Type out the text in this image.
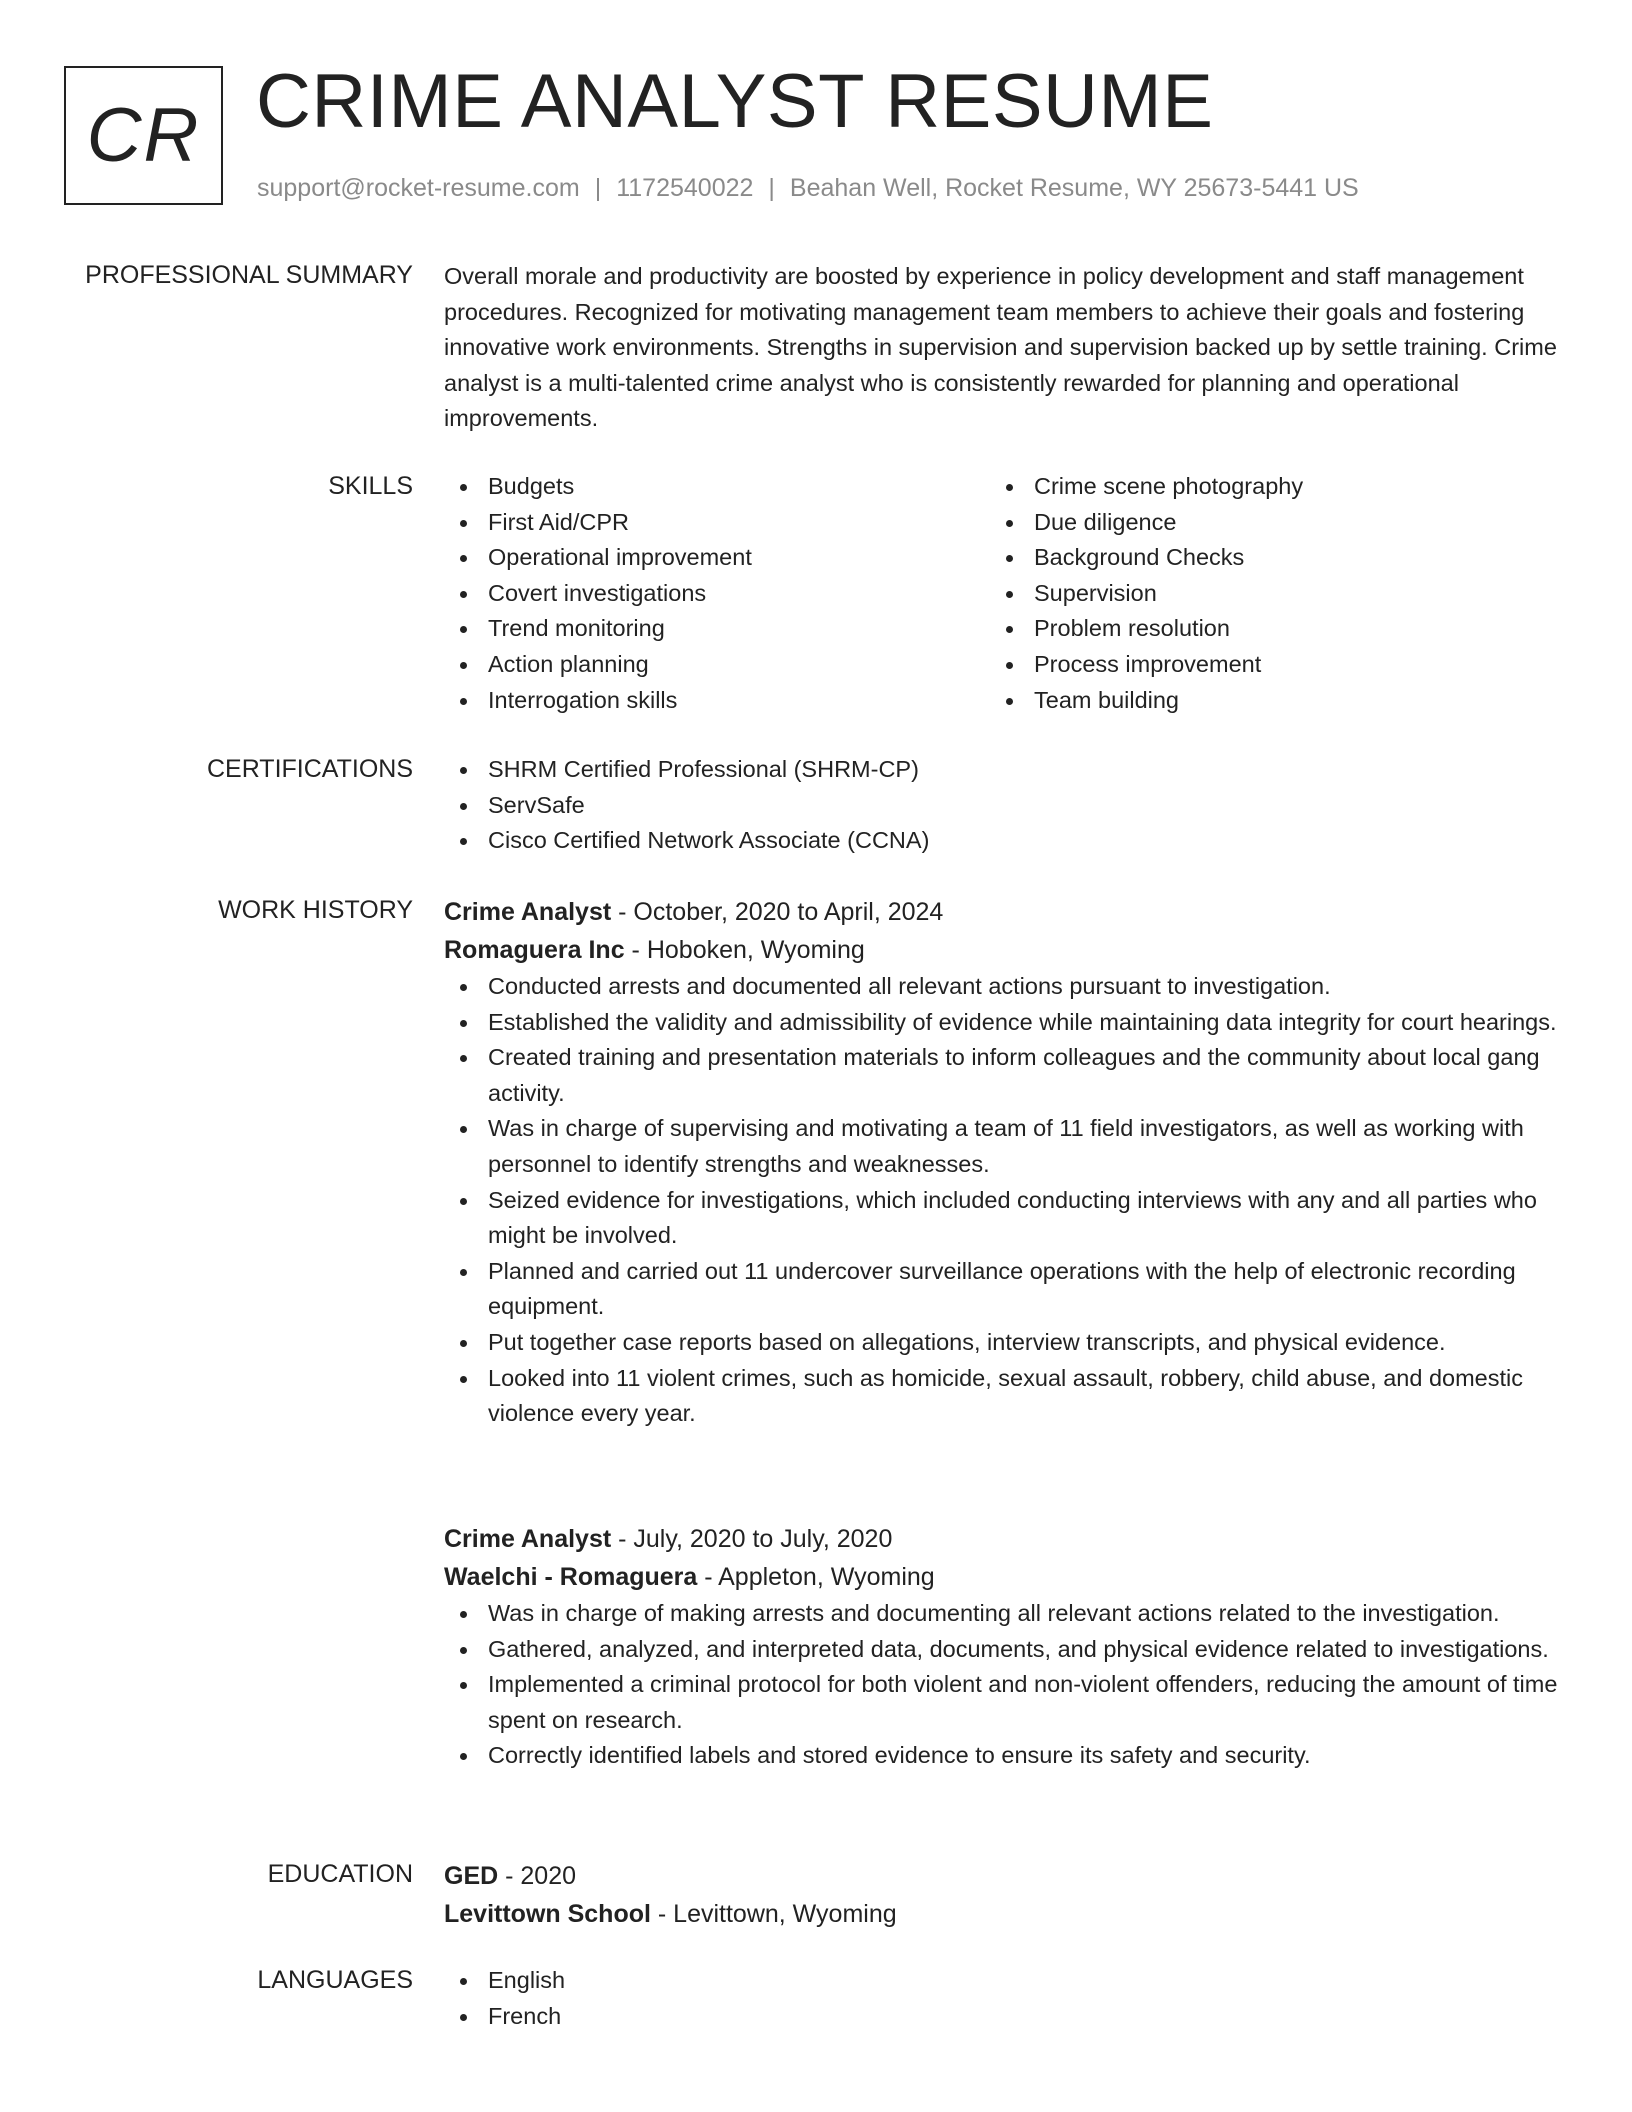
CR CRIME ANALYST RESUME
support@rocket-resume.com | 1172540022 | Beahan Well, Rocket Resume, WY 25673-5441 US
PROFESSIONAL SUMMARY Overall morale and productivity are boosted by experience in policy development and staff management procedures. Recognized for motivating management team members to achieve their goals and fostering innovative work environments. Strengths in supervision and supervision backed up by settle training. Crime analyst is a multi-talented crime analyst who is consistently rewarded for planning and operational improvements.

SKILLS	Budgets
First Aid/CPR
Operational improvement
Covert investigations
Trend monitoring
Action planning
Interrogation skills
Crime scene photography
Due diligence
Background Checks
Supervision
Problem resolution
Process improvement
Team building
CERTIFICATIONS	SHRM Certified Professional (SHRM-CP)
ServSafe
Cisco Certified Network Associate (CCNA)
WORK HISTORY Crime Analyst - October, 2020 to April, 2024
Romaguera Inc - Hoboken, Wyoming
Conducted arrests and documented all relevant actions pursuant to investigation.
Established the validity and admissibility of evidence while maintaining data integrity for court hearings.
Created training and presentation materials to inform colleagues and the community about local gang activity.
Was in charge of supervising and motivating a team of 11 field investigators, as well as working with personnel to identify strengths and weaknesses.
Seized evidence for investigations, which included conducting interviews with any and all parties who might be involved.
Planned and carried out 11 undercover surveillance operations with the help of electronic recording equipment.
Put together case reports based on allegations, interview transcripts, and physical evidence.
Looked into 11 violent crimes, such as homicide, sexual assault, robbery, child abuse, and domestic violence every year.
Crime Analyst - July, 2020 to July, 2020
Waelchi - Romaguera - Appleton, Wyoming
Was in charge of making arrests and documenting all relevant actions related to the investigation.
Gathered, analyzed, and interpreted data, documents, and physical evidence related to investigations.
Implemented a criminal protocol for both violent and non-violent offenders, reducing the amount of time spent on research.
Correctly identified labels and stored evidence to ensure its safety and security.
EDUCATION GED - 2020
Levittown School - Levittown, Wyoming
LANGUAGES	English
French
